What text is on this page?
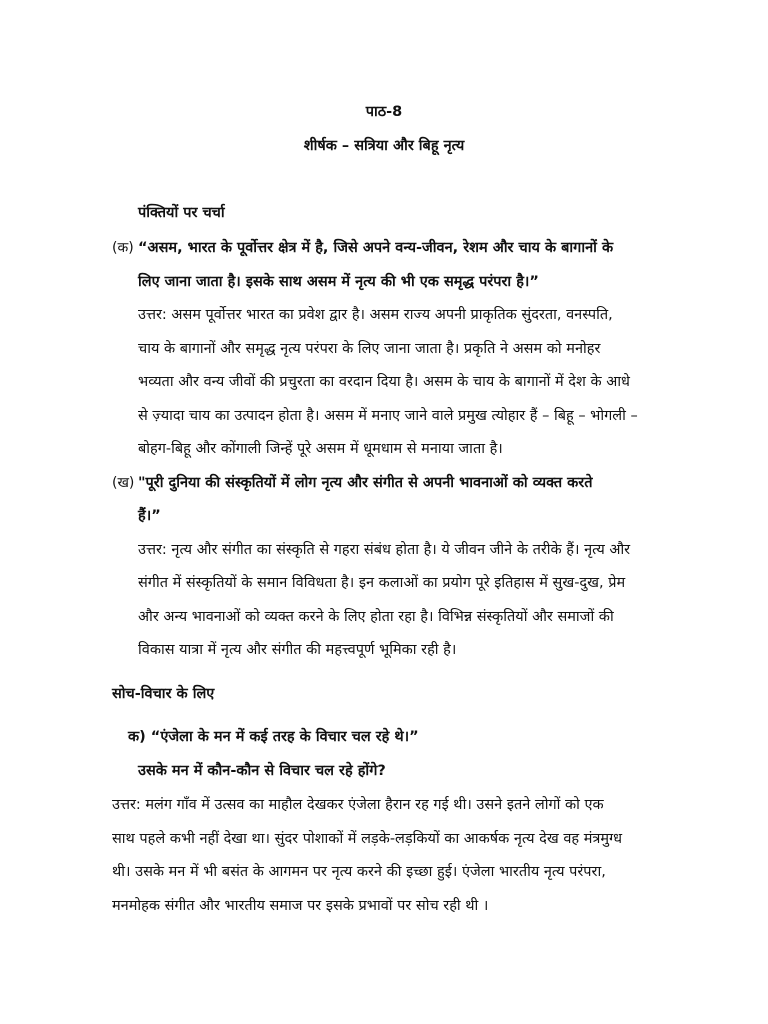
पाठ-8
शीर्षक – सत्रिया और बिहू नृत्य
पंक्तियों पर चर्चा
(क) “असम, भारत के पूर्वोत्तर क्षेत्र में है, जिसे अपने वन्य-जीवन, रेशम और चाय के बागानों के
लिए जाना जाता है। इसके साथ असम में नृत्य की भी एक समृद्ध परंपरा है।”
उत्तर: असम पूर्वोत्तर भारत का प्रवेश द्वार है। असम राज्य अपनी प्राकृतिक सुंदरता, वनस्पति,
चाय के बागानों और समृद्ध नृत्य परंपरा के लिए जाना जाता है। प्रकृति ने असम को मनोहर
भव्यता और वन्य जीवों की प्रचुरता का वरदान दिया है। असम के चाय के बागानों में देश के आधे
से ज़्यादा चाय का उत्पादन होता है। असम में मनाए जाने वाले प्रमुख त्योहार हैं – बिहू – भोगली –
बोहग-बिहू और कोंगाली जिन्हें पूरे असम में धूमधाम से मनाया जाता है।
(ख) "पूरी दुनिया की संस्कृतियों में लोग नृत्य और संगीत से अपनी भावनाओं को व्यक्त करते
हैं।”
उत्तर: नृत्य और संगीत का संस्कृति से गहरा संबंध होता है। ये जीवन जीने के तरीके हैं। नृत्य और
संगीत में संस्कृतियों के समान विविधता है। इन कलाओं का प्रयोग पूरे इतिहास में सुख-दुख, प्रेम
और अन्य भावनाओं को व्यक्त करने के लिए होता रहा है। विभिन्न संस्कृतियों और समाजों की
विकास यात्रा में नृत्य और संगीत की महत्त्वपूर्ण भूमिका रही है।
सोच-विचार के लिए
क) “एंजेला के मन में कई तरह के विचार चल रहे थे।”
उसके मन में कौन-कौन से विचार चल रहे होंगे?
उत्तर: मलंग गाँव में उत्सव का माहौल देखकर एंजेला हैरान रह गई थी। उसने इतने लोगों को एक
साथ पहले कभी नहीं देखा था। सुंदर पोशाकों में लड़के-लड़कियों का आकर्षक नृत्य देख वह मंत्रमुग्ध
थी। उसके मन में भी बसंत के आगमन पर नृत्य करने की इच्छा हुई। एंजेला भारतीय नृत्य परंपरा,
मनमोहक संगीत और भारतीय समाज पर इसके प्रभावों पर सोच रही थी ।
